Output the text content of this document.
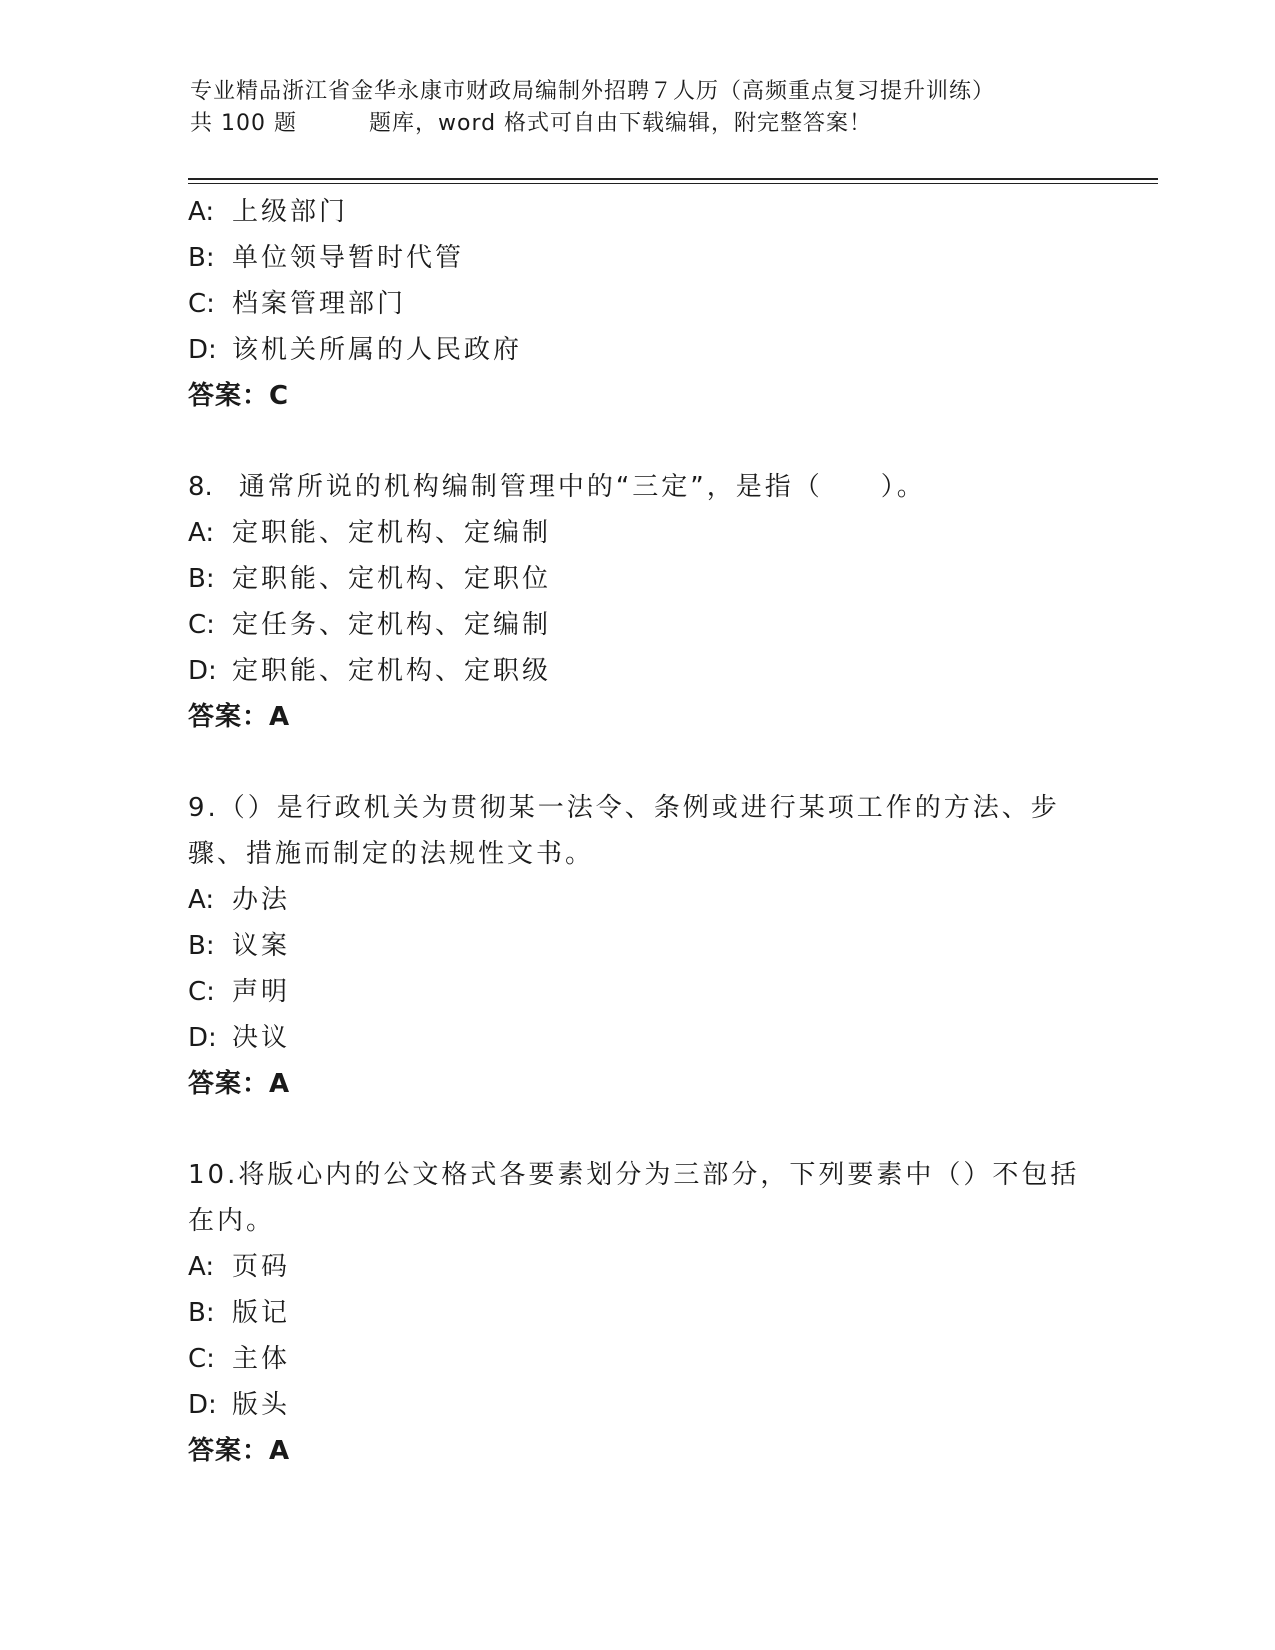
专业精品浙江省金华永康市财政局编制外招聘７人历（高频重点复习提升训练）
共 100 题	题库，word 格式可自由下载编辑，附完整答案！
A: 上级部门
B: 单位领导暂时代管
C: 档案管理部门
D: 该机关所属的人民政府
答案：C
8. 通常所说的机构编制管理中的“三定”，是指（　　）。
A: 定职能、定机构、定编制
B: 定职能、定机构、定职位
C: 定任务、定机构、定编制
D: 定职能、定机构、定职级
答案：A
9.（）是行政机关为贯彻某一法令、条例或进行某项工作的方法、步
骤、措施而制定的法规性文书。
A: 办法
B: 议案
C: 声明
D: 决议
答案：A
10.将版心内的公文格式各要素划分为三部分，下列要素中（）不包括
在内。
A: 页码
B: 版记
C: 主体
D: 版头
答案：A
